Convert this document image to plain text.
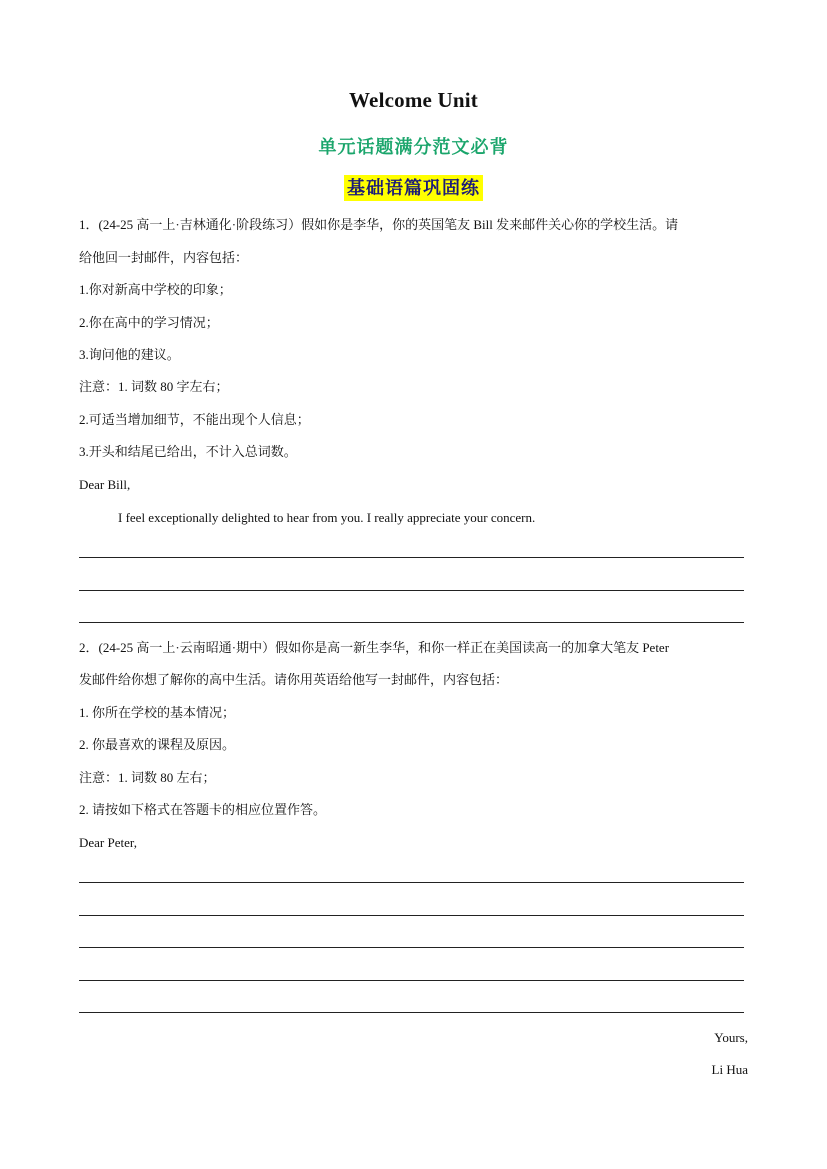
Welcome Unit
单元话题满分范文必背
基础语篇巩固练
1．(24-25 高一上·吉林通化·阶段练习）假如你是李华，你的英国笔友 Bill 发来邮件关心你的学校生活。请
给他回一封邮件，内容包括：
1.你对新高中学校的印象；
2.你在高中的学习情况；
3.询问他的建议。
注意：1. 词数 80 字左右；
2.可适当增加细节，不能出现个人信息；
3.开头和结尾已给出，不计入总词数。
Dear Bill,
I feel exceptionally delighted to hear from you. I really appreciate your concern.
2．(24-25 高一上·云南昭通·期中）假如你是高一新生李华，和你一样正在美国读高一的加拿大笔友 Peter
发邮件给你想了解你的高中生活。请你用英语给他写一封邮件，内容包括：
1. 你所在学校的基本情况；
2. 你最喜欢的课程及原因。
注意：1. 词数 80 左右；
2. 请按如下格式在答题卡的相应位置作答。
Dear Peter,
Yours,
Li Hua
